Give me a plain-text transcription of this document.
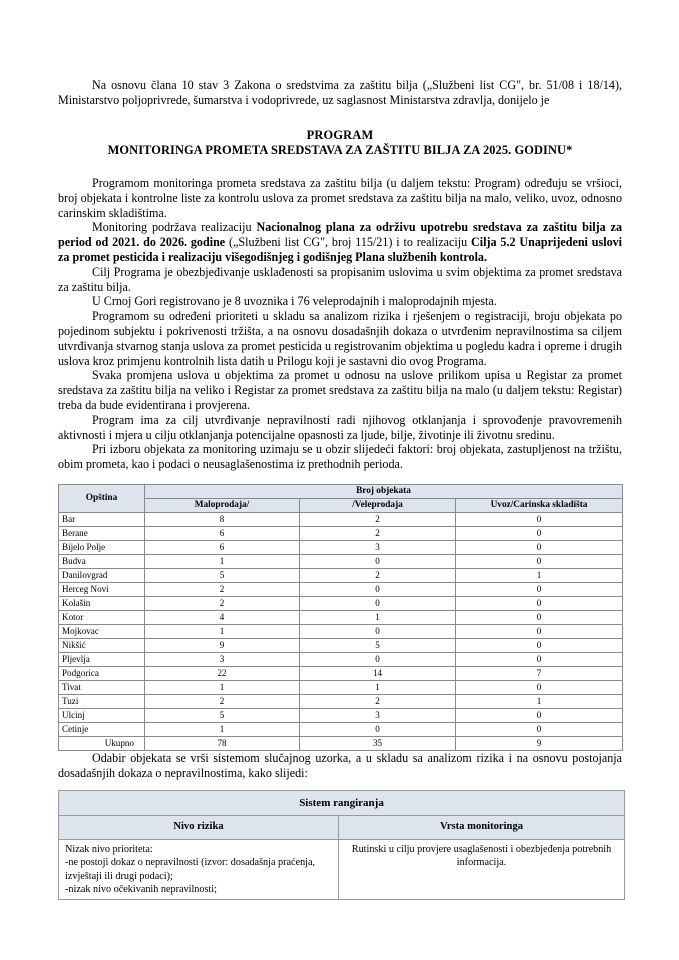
Na osnovu člana 10 stav 3 Zakona o sredstvima za zaštitu bilja („Službeni list CG", br. 51/08 i 18/14), Ministarstvo poljoprivrede, šumarstva i vodoprivrede, uz saglasnost Ministarstva zdravlja, donijelo je

PROGRAM
MONITORINGA PROMETA SREDSTAVA ZA ZAŠTITU BILJA ZA 2025. GODINU*

Programom monitoringa prometa sredstava za zaštitu bilja (u daljem tekstu: Program) određuju se vršioci, broj objekata i kontrolne liste za kontrolu uslova za promet sredstava za zaštitu bilja na malo, veliko, uvoz, odnosno carinskim skladištima.

Monitoring podržava realizaciju Nacionalnog plana za održivu upotrebu sredstava za zaštitu bilja za period od 2021. do 2026. godine („Službeni list CG", broj 115/21) i to realizaciju Cilja 5.2 Unaprijedeni uslovi za promet pesticida i realizaciju višegodišnjeg i godišnjeg Plana službenih kontrola.

Cilj Programa je obezbjeđivanje usklađenosti sa propisanim uslovima u svim objektima za promet sredstava za zaštitu bilja.

U Crnoj Gori registrovano je 8 uvoznika i 76 veleprodajnih i maloprodajnih mjesta.

Programom su određeni prioriteti u skladu sa analizom rizika i rješenjem o registraciji, broju objekata po pojedinom subjektu i pokrivenosti tržišta, a na osnovu dosadašnjih dokaza o utvrđenim nepravilnostima sa ciljem utvrđivanja stvarnog stanja uslova za promet pesticida u registrovanim objektima u pogledu kadra i opreme i drugih uslova kroz primjenu kontrolnih lista datih u Prilogu koji je sastavni dio ovog Programa.

Svaka promjena uslova u objektima za promet u odnosu na uslove prilikom upisa u Registar za promet sredstava za zaštitu bilja na veliko i Registar za promet sredstava za zaštitu bilja na malo (u daljem tekstu: Registar) treba da bude evidentirana i provjerena.

Program ima za cilj utvrđivanje nepravilnosti radi njihovog otklanjanja i sprovođenje pravovremenih aktivnosti i mjera u cilju otklanjanja potencijalne opasnosti za ljude, bilje, životinje ili životnu sredinu.

Pri izboru objekata za monitoring uzimaju se u obzir slijedeći faktori: broj objekata, zastupljenost na tržištu, obim prometa, kao i podaci o neusaglašenostima iz prethodnih perioda.

Opština	Broj objekata		
	Maloprodaja/	/Veleprodaja	Uvoz/Carinska skladišta
Bar	8	2	0
Berane	6	2	0
Bijelo Polje	6	3	0
Budva	1	0	0
Danilovgrad	5	2	1
Herceg Novi	2	0	0
Kolašin	2	0	0
Kotor	4	1	0
Mojkovac	1	0	0
Nikšić	9	5	0
Pljevlja	3	0	0
Podgorica	22	14	7
Tivat	1	1	0
Tuzi	2	2	1
Ulcinj	5	3	0
Cetinje	1	0	0
Ukupno	78	35	9

Odabir objekata se vrši sistemom slučajnog uzorka, a u skladu sa analizom rizika i na osnovu postojanja dosadašnjih dokaza o nepravilnostima, kako slijedi:

Sistem rangiranja	
Nivo rizika	Vrsta monitoringa
Nizak nivo prioriteta:
-ne postoji dokaz o nepravilnosti (izvor: dosadašnja praćenja, izvještaji ili drugi podaci);
-nizak nivo očekivanih nepravilnosti;	Rutinski u cilju provjere usaglašenosti i obezbjeđenja potrebnih informacija.
